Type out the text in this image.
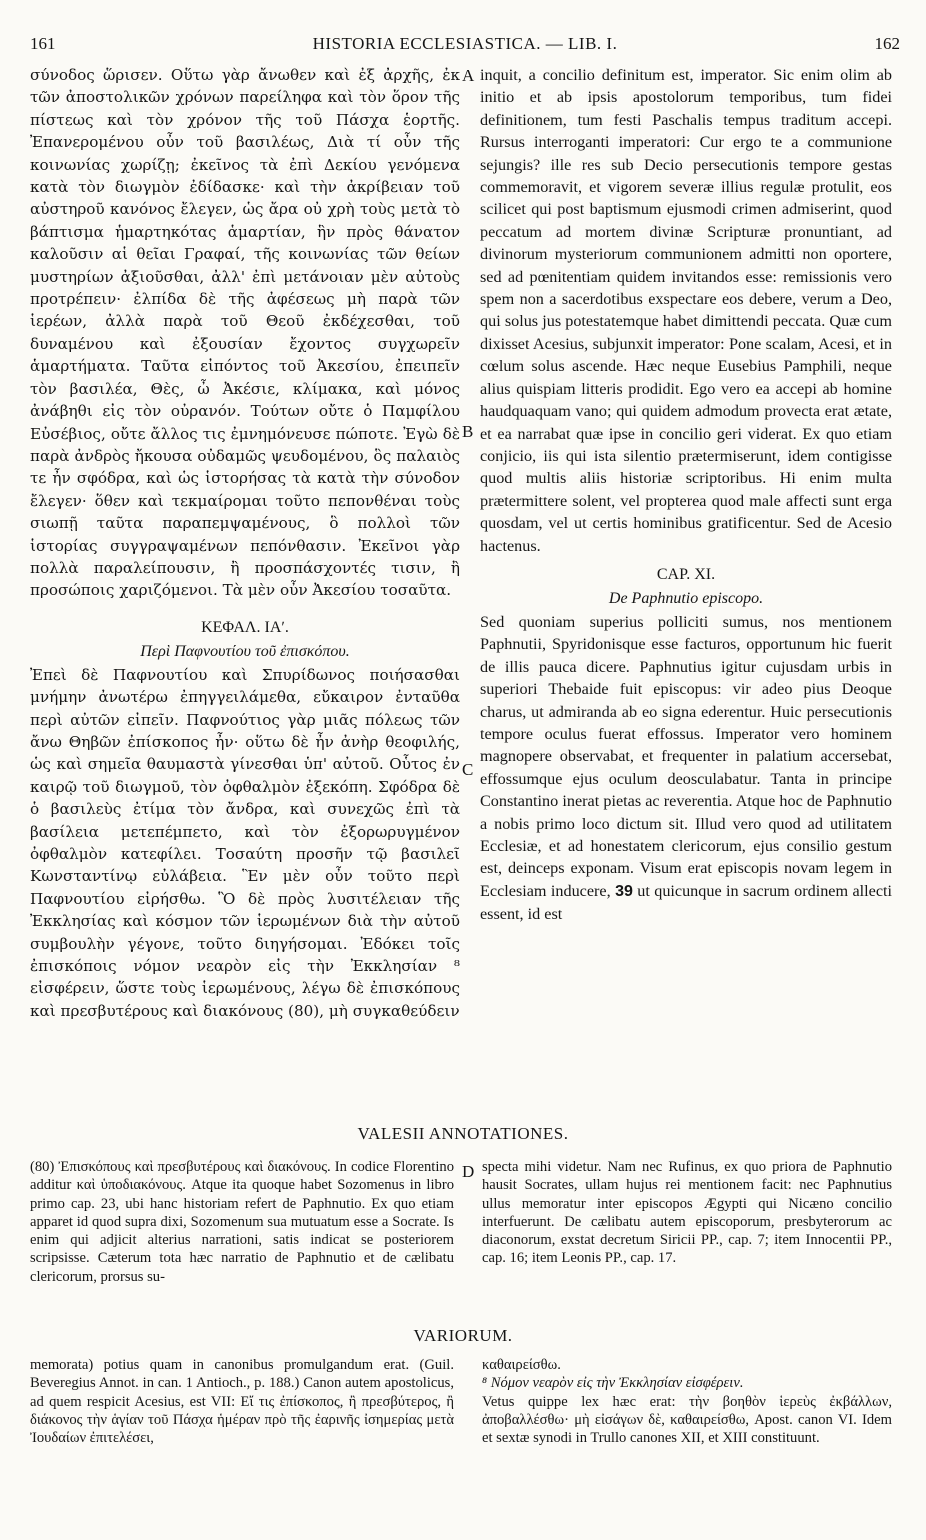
161	HISTORIA ECCLESIASTICA. — LIB. I.	162

σύνοδος ὥρισεν. Οὕτω γὰρ ἄνωθεν καὶ ἐξ ἀρχῆς, ἐκ τῶν ἀποστολικῶν χρόνων παρείληφα καὶ τὸν ὅρον τῆς πίστεως καὶ τὸν χρόνον τῆς τοῦ Πάσχα ἑορτῆς. Ἐπανερομένου οὖν τοῦ βασιλέως, Διὰ τί οὖν τῆς κοινωνίας χωρίζῃ; ἐκεῖνος τὰ ἐπὶ Δεκίου γενόμενα κατὰ τὸν διωγμὸν ἐδίδασκε· καὶ τὴν ἀκρίβειαν τοῦ αὐστηροῦ κανόνος ἔλεγεν, ὡς ἄρα οὐ χρὴ τοὺς μετὰ τὸ βάπτισμα ἡμαρτηκότας ἁμαρτίαν, ἣν πρὸς θάνατον καλοῦσιν αἱ θεῖαι Γραφαί, τῆς κοινωνίας τῶν θείων μυστηρίων ἀξιοῦσθαι, ἀλλ' ἐπὶ μετάνοιαν μὲν αὐτοὺς προτρέπειν· ἐλπίδα δὲ τῆς ἀφέσεως μὴ παρὰ τῶν ἱερέων, ἀλλὰ παρὰ τοῦ Θεοῦ ἐκδέχεσθαι, τοῦ δυναμένου καὶ ἐξουσίαν ἔχοντος συγχωρεῖν ἁμαρτήματα. Ταῦτα εἰπόντος τοῦ Ἀκεσίου, ἐπειπεῖν τὸν βασιλέα, Θὲς, ὦ Ἀκέσιε, κλίμακα, καὶ μόνος ἀνάβηθι εἰς τὸν οὐρανόν. Τούτων οὔτε ὁ Παμφίλου Εὐσέβιος, οὔτε ἄλλος τις ἐμνημόνευσε πώποτε. Ἐγὼ δὲ παρὰ ἀνδρὸς ἤκουσα οὐδαμῶς ψευδομένου, ὃς παλαιὸς τε ἦν σφόδρα, καὶ ὡς ἱστορήσας τὰ κατὰ τὴν σύνοδον ἔλεγεν· ὅθεν καὶ τεκμαίρομαι τοῦτο πεπονθέναι τοὺς σιωπῇ ταῦτα παραπεμψαμένους, ὃ πολλοὶ τῶν ἱστορίας συγγραψαμένων πεπόνθασιν. Ἐκεῖνοι γὰρ πολλὰ παραλείπουσιν, ἢ προσπάσχοντές τισιν, ἢ προσώποις χαριζόμενοι. Τὰ μὲν οὖν Ἀκεσίου τοσαῦτα.

ΚΕΦΑΛ. ΙΑʹ.
Περὶ Παφνουτίου τοῦ ἐπισκόπου.

Ἐπεὶ δὲ Παφνουτίου καὶ Σπυρίδωνος ποιήσασθαι μνήμην ἀνωτέρω ἐπηγγειλάμεθα, εὔκαιρον ἐνταῦθα περὶ αὐτῶν εἰπεῖν. Παφνούτιος γὰρ μιᾶς πόλεως τῶν ἄνω Θηβῶν ἐπίσκοπος ἦν· οὕτω δὲ ἦν ἀνὴρ θεοφιλής, ὡς καὶ σημεῖα θαυμαστὰ γίνεσθαι ὑπ' αὐτοῦ. Οὗτος ἐν καιρῷ τοῦ διωγμοῦ, τὸν ὀφθαλμὸν ἐξεκόπη. Σφόδρα δὲ ὁ βασιλεὺς ἐτίμα τὸν ἄνδρα, καὶ συνεχῶς ἐπὶ τὰ βασίλεια μετεπέμπετο, καὶ τὸν ἐξορωρυγμένον ὀφθαλμὸν κατεφίλει. Τοσαύτη προσῆν τῷ βασιλεῖ Κωνσταντίνῳ εὐλάβεια. Ἓν μὲν οὖν τοῦτο περὶ Παφνουτίου εἰρήσθω. Ὃ δὲ πρὸς λυσιτέλειαν τῆς Ἐκκλησίας καὶ κόσμον τῶν ἱερωμένων διὰ τὴν αὐτοῦ συμβουλὴν γέγονε, τοῦτο διηγήσομαι. Ἐδόκει τοῖς ἐπισκόποις νόμον νεαρὸν εἰς τὴν Ἐκκλησίαν ⁸ εἰσφέρειν, ὥστε τοὺς ἱερωμένους, λέγω δὲ ἐπισκόπους καὶ πρεσβυτέρους καὶ διακόνους (80), μὴ συγκαθεύδειν

inquit, a concilio definitum est, imperator. Sic enim olim ab initio et ab ipsis apostolorum temporibus, tum fidei definitionem, tum festi Paschalis tempus traditum accepi. Rursus interroganti imperatori: Cur ergo te a communione sejungis? ille res sub Decio persecutionis tempore gestas commemoravit, et vigorem severæ illius regulæ protulit, eos scilicet qui post baptismum ejusmodi crimen admiserint, quod peccatum ad mortem divinæ Scripturæ pronuntiant, ad divinorum mysteriorum communionem admitti non oportere, sed ad pœnitentiam quidem invitandos esse: remissionis vero spem non a sacerdotibus exspectare eos debere, verum a Deo, qui solus jus potestatemque habet dimittendi peccata. Quæ cum dixisset Acesius, subjunxit imperator: Pone scalam, Acesi, et in cœlum solus ascende. Hæc neque Eusebius Pamphili, neque alius quispiam litteris prodidit. Ego vero ea accepi ab homine haudquaquam vano; qui quidem admodum provecta erat ætate, et ea narrabat quæ ipse in concilio geri viderat. Ex quo etiam conjicio, iis qui ista silentio prætermiserunt, idem contigisse quod multis aliis historiæ scriptoribus. Hi enim multa prætermittere solent, vel propterea quod male affecti sunt erga quosdam, vel ut certis hominibus gratificentur. Sed de Acesio hactenus.

CAP. XI.
De Paphnutio episcopo.

Sed quoniam superius polliciti sumus, nos mentionem Paphnutii, Spyridonisque esse facturos, opportunum hic fuerit de illis pauca dicere. Paphnutius igitur cujusdam urbis in superiori Thebaide fuit episcopus: vir adeo pius Deoque charus, ut admiranda ab eo signa ederentur. Huic persecutionis tempore oculus fuerat effossus. Imperator vero hominem magnopere observabat, et frequenter in palatium accersebat, effossumque ejus oculum deosculabatur. Tanta in principe Constantino inerat pietas ac reverentia. Atque hoc de Paphnutio a nobis primo loco dictum sit. Illud vero quod ad utilitatem Ecclesiæ, et ad honestatem clericorum, ejus consilio gestum est, deinceps exponam. Visum erat episcopis novam legem in Ecclesiam inducere, 39 ut quicunque in sacrum ordinem allecti essent, id est

A
B
C
D
VALESII ANNOTATIONES.

(80) Ἐπισκόπους καὶ πρεσβυτέρους καὶ διακόνους. In codice Florentino additur καὶ ὑποδιακόνους. Atque ita quoque habet Sozomenus in libro primo cap. 23, ubi hanc historiam refert de Paphnutio. Ex quo etiam apparet id quod supra dixi, Sozomenum sua mutuatum esse a Socrate. Is enim qui adjicit alterius narrationi, satis indicat se posteriorem scripsisse. Cæterum tota hæc narratio de Paphnutio et de cælibatu clericorum, prorsus su-

specta mihi videtur. Nam nec Rufinus, ex quo priora de Paphnutio hausit Socrates, ullam hujus rei mentionem facit: nec Paphnutius ullus memoratur inter episcopos Ægypti qui Nicæno concilio interfuerunt. De cælibatu autem episcoporum, presbyterorum ac diaconorum, exstat decretum Siricii PP., cap. 7; item Innocentii PP., cap. 16; item Leonis PP., cap. 17.

VARIORUM.

memorata) potius quam in canonibus promulgandum erat. (Guil. Beveregius Annot. in can. 1 Antioch., p. 188.) Canon autem apostolicus, ad quem respicit Acesius, est VII: Εἴ τις ἐπίσκοπος, ἢ πρεσβύτερος, ἢ διάκονος τὴν ἁγίαν τοῦ Πάσχα ἡμέραν πρὸ τῆς ἐαρινῆς ἰσημερίας μετὰ Ἰουδαίων ἐπιτελέσει,

καθαιρείσθω.

⁸ Νόμον νεαρὸν εἰς τὴν Ἐκκλησίαν εἰσφέρειν.

Vetus quippe lex hæc erat: τὴν βοηθὸν ἱερεὺς ἐκβάλλων, ἀποβαλλέσθω· μὴ εἰσάγων δὲ, καθαιρείσθω, Apost. canon VI. Idem et sextæ synodi in Trullo canones XII, et XIII constituunt.
